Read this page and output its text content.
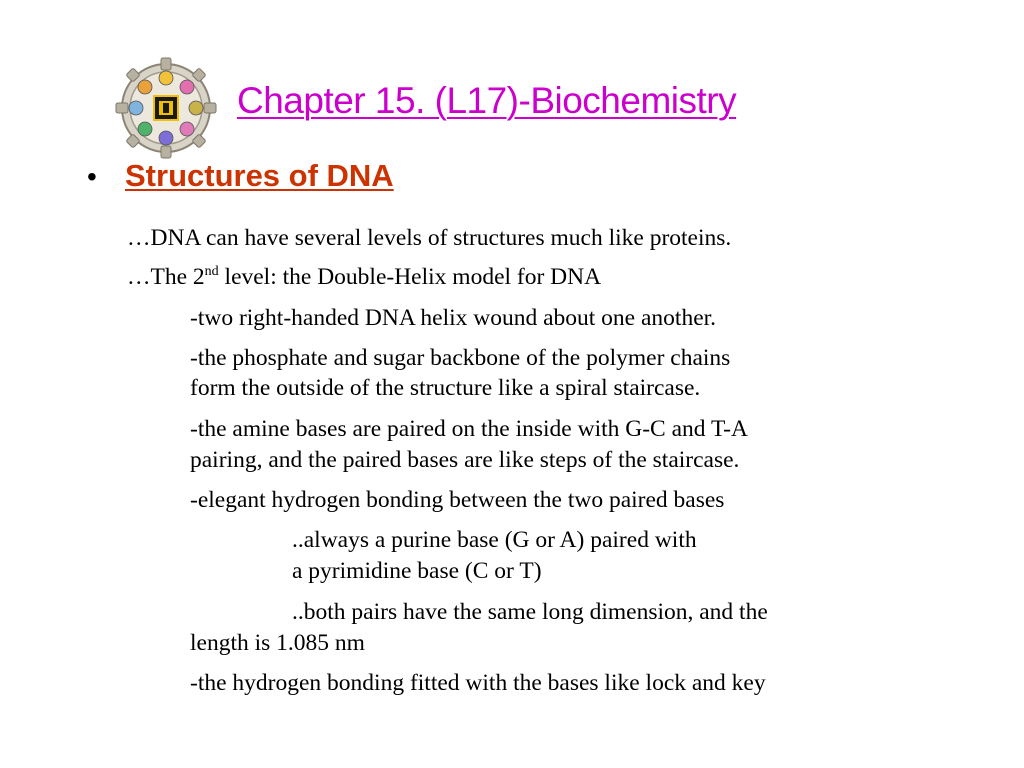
Chapter 15. (L17)-Biochemistry
• Structures of DNA
…DNA can have several levels of structures much like proteins.
…The 2nd level: the Double-Helix model for DNA
-two right-handed DNA helix wound about one another.
-the phosphate and sugar backbone of the polymer chains
form the outside of the structure like a spiral staircase.
-the amine bases are paired on the inside with G-C and T-A
pairing, and the paired bases are like steps of the staircase.
-elegant hydrogen bonding between the two paired bases
..always a purine base (G or A) paired with
a pyrimidine base (C or T)
..both pairs have the same long dimension, and the
length is 1.085 nm
-the hydrogen bonding fitted with the bases like lock and key
